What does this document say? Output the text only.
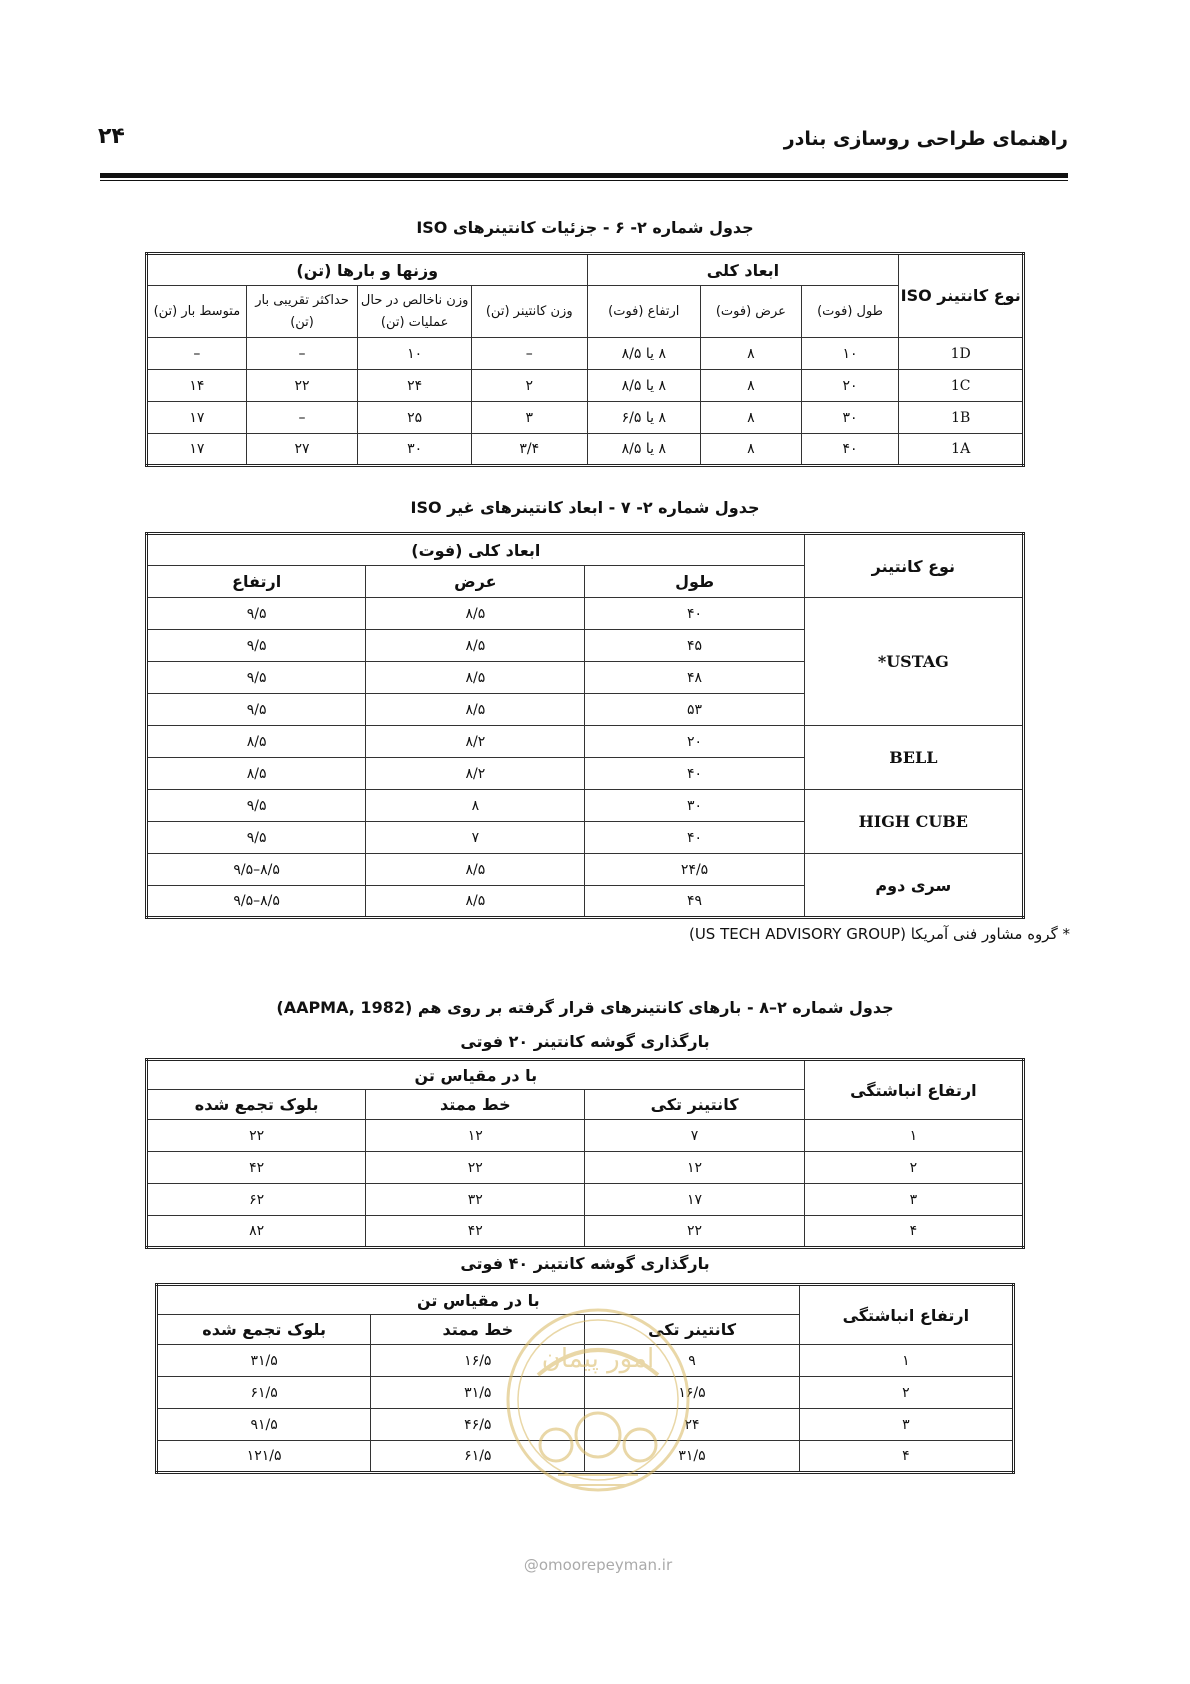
راهنمای طراحی روسازی بنادر
۲۴
جدول شماره ۲- ۶ - جزئیات کانتینرهای ISO
نوع کانتینر ISO	ابعاد کلی			وزنها و بارها (تن)			
	طول (فوت)	عرض (فوت)	ارتفاع (فوت)	وزن کانتینر (تن)	وزن ناخالص در حال عملیات (تن)	حداکثر تقریبی بار (تن)	متوسط بار (تن)
1D	۱۰	۸	۸ یا ۸/۵	–	۱۰	–	–
1C	۲۰	۸	۸ یا ۸/۵	۲	۲۴	۲۲	۱۴
1B	۳۰	۸	۸ یا ۶/۵	۳	۲۵	–	۱۷
1A	۴۰	۸	۸ یا ۸/۵	۳/۴	۳۰	۲۷	۱۷
جدول شماره ۲- ۷ - ابعاد کانتینرهای غیر ISO
نوع کانتینر	ابعاد کلی (فوت)		
	طول	عرض	ارتفاع
USTAG*	۴۰	۸/۵	۹/۵
	۴۵	۸/۵	۹/۵
	۴۸	۸/۵	۹/۵
	۵۳	۸/۵	۹/۵
BELL	۲۰	۸/۲	۸/۵
	۴۰	۸/۲	۸/۵
HIGH CUBE	۳۰	۸	۹/۵
	۴۰	۷	۹/۵
سری دوم	۲۴/۵	۸/۵	۸/۵–۹/۵
	۴۹	۸/۵	۸/۵–۹/۵
* گروه مشاور فنی آمریکا (US TECH ADVISORY GROUP)
جدول شماره ۲–۸ - بارهای کانتینرهای قرار گرفته بر روی هم (AAPMA, 1982)
بارگذاری گوشه کانتینر ۲۰ فوتی
ارتفاع انباشتگی	با در مقیاس تن		
	کانتینر تکی	خط ممتد	بلوک تجمع شده
۱	۷	۱۲	۲۲
۲	۱۲	۲۲	۴۲
۳	۱۷	۳۲	۶۲
۴	۲۲	۴۲	۸۲
بارگذاری گوشه کانتینر ۴۰ فوتی
ارتفاع انباشتگی	با در مقیاس تن		
	کانتینر تکی	خط ممتد	بلوک تجمع شده
۱	۹	۱۶/۵	۳۱/۵
۲	۱۶/۵	۳۱/۵	۶۱/۵
۳	۲۴	۴۶/۵	۹۱/۵
۴	۳۱/۵	۶۱/۵	۱۲۱/۵
امور پیمان
@omoorepeyman.ir
